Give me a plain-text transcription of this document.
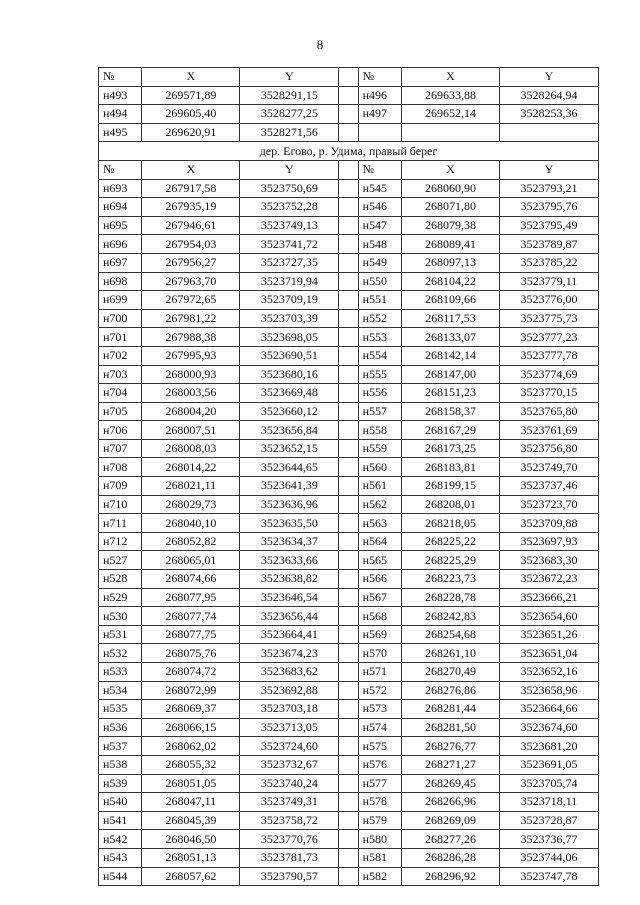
8
№	X	Y		№	X	Y
н493	269571,89	3528291,15		н496	269633,88	3528264,94
н494	269605,40	3528277,25		н497	269652,14	3528253,36
н495	269620,91	3528271,56				
дер. Егово, р. Удима, правый берег						
№	X	Y		№	X	Y
н693	267917,58	3523750,69		н545	268060,90	3523793,21
н694	267935,19	3523752,28		н546	268071,80	3523795,76
н695	267946,61	3523749,13		н547	268079,38	3523795,49
н696	267954,03	3523741,72		н548	268089,41	3523789,87
н697	267956,27	3523727,35		н549	268097,13	3523785,22
н698	267963,70	3523719,94		н550	268104,22	3523779,11
н699	267972,65	3523709,19		н551	268109,66	3523776,00
н700	267981,22	3523703,39		н552	268117,53	3523775,73
н701	267988,38	3523698,05		н553	268133,07	3523777,23
н702	267995,93	3523690,51		н554	268142,14	3523777,78
н703	268000,93	3523680,16		н555	268147,00	3523774,69
н704	268003,56	3523669,48		н556	268151,23	3523770,15
н705	268004,20	3523660,12		н557	268158,37	3523765,80
н706	268007,51	3523656,84		н558	268167,29	3523761,69
н707	268008,03	3523652,15		н559	268173,25	3523756,80
н708	268014,22	3523644,65		н560	268183,81	3523749,70
н709	268021,11	3523641,39		н561	268199,15	3523737,46
н710	268029,73	3523636,96		н562	268208,01	3523723,70
н711	268040,10	3523635,50		н563	268218,05	3523709,88
н712	268052,82	3523634,37		н564	268225,22	3523697,93
н527	268065,01	3523633,66		н565	268225,29	3523683,30
н528	268074,66	3523638,82		н566	268223,73	3523672,23
н529	268077,95	3523646,54		н567	268228,78	3523666,21
н530	268077,74	3523656,44		н568	268242,83	3523654,60
н531	268077,75	3523664,41		н569	268254,68	3523651,26
н532	268075,76	3523674,23		н570	268261,10	3523651,04
н533	268074,72	3523683,62		н571	268270,49	3523652,16
н534	268072,99	3523692,88		н572	268276,86	3523658,96
н535	268069,37	3523703,18		н573	268281,44	3523664,66
н536	268066,15	3523713,05		н574	268281,50	3523674,60
н537	268062,02	3523724,60		н575	268276,77	3523681,20
н538	268055,32	3523732,67		н576	268271,27	3523691,05
н539	268051,05	3523740,24		н577	268269,45	3523705,74
н540	268047,11	3523749,31		н578	268266,96	3523718,11
н541	268045,39	3523758,72		н579	268269,09	3523728,87
н542	268046,50	3523770,76		н580	268277,26	3523736,77
н543	268051,13	3523781,73		н581	268286,28	3523744,06
н544	268057,62	3523790,57		н582	268296,92	3523747,78
